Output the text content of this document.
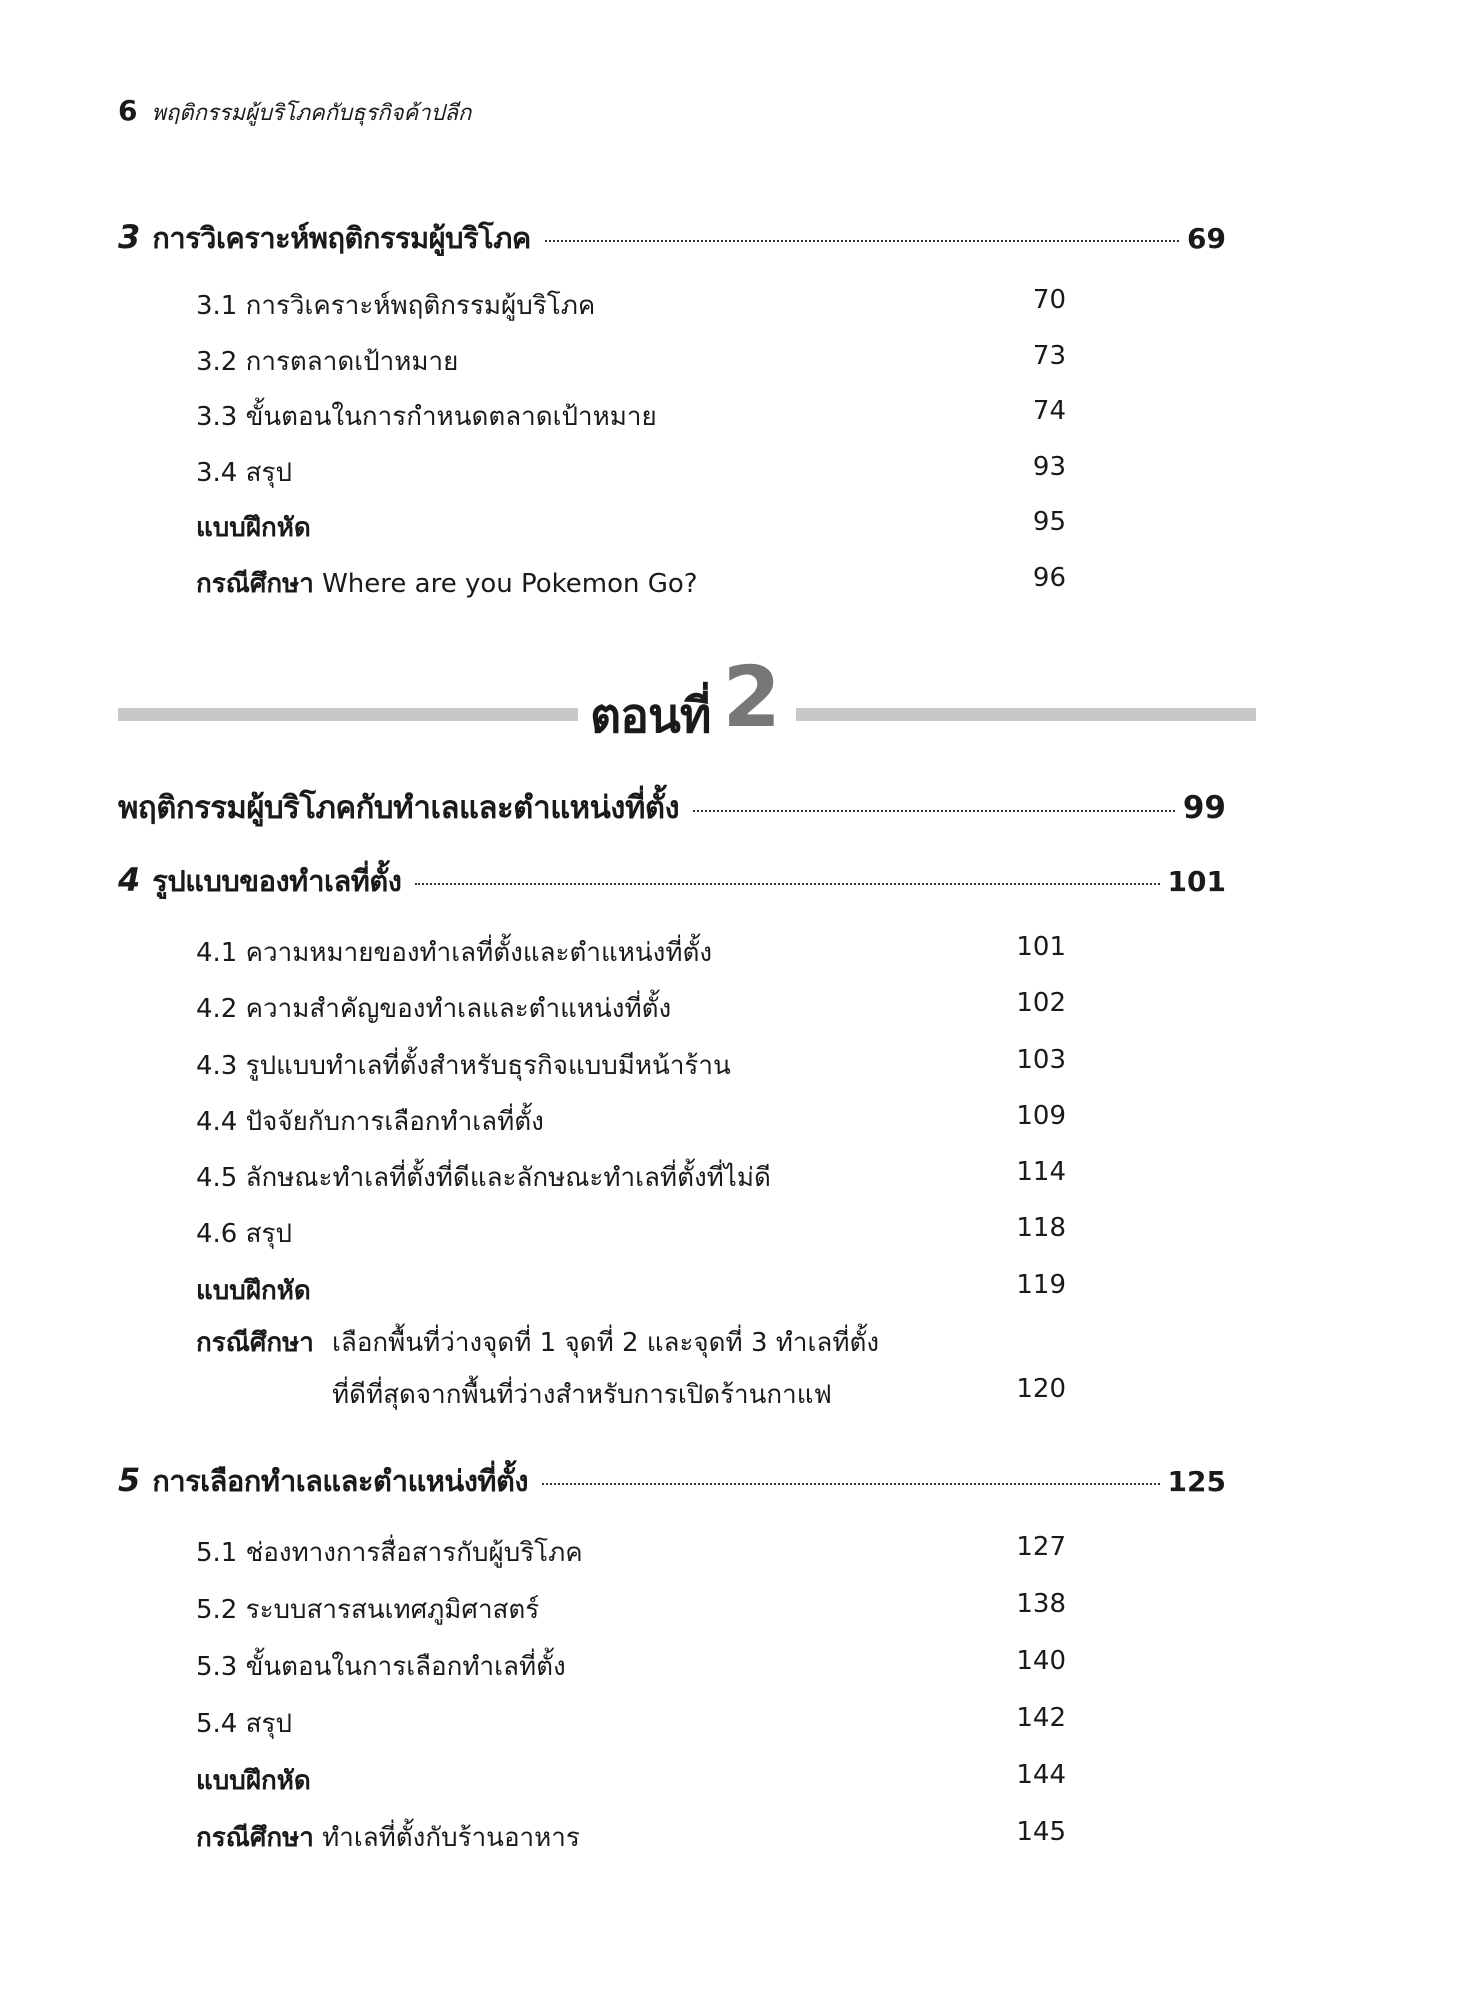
6 พฤติกรรมผู้บริโภคกับธุรกิจค้าปลีก
3 การวิเคราะห์พฤติกรรมผู้บริโภค	69
3.1 การวิเคราะห์พฤติกรรมผู้บริโภค	70
3.2 การตลาดเป้าหมาย	73
3.3 ขั้นตอนในการกำหนดตลาดเป้าหมาย	74
3.4 สรุป	93
แบบฝึกหัด	95
กรณีศึกษา Where are you Pokemon Go?	96
ตอนที่ 2
พฤติกรรมผู้บริโภคกับทำเลและตำแหน่งที่ตั้ง	99
4 รูปแบบของทำเลที่ตั้ง	101
4.1 ความหมายของทำเลที่ตั้งและตำแหน่งที่ตั้ง	101
4.2 ความสำคัญของทำเลและตำแหน่งที่ตั้ง	102
4.3 รูปแบบทำเลที่ตั้งสำหรับธุรกิจแบบมีหน้าร้าน	103
4.4 ปัจจัยกับการเลือกทำเลที่ตั้ง	109
4.5 ลักษณะทำเลที่ตั้งที่ดีและลักษณะทำเลที่ตั้งที่ไม่ดี	114
4.6 สรุป	118
แบบฝึกหัด	119
กรณีศึกษา เลือกพื้นที่ว่างจุดที่ 1 จุดที่ 2 และจุดที่ 3 ทำเลที่ตั้ง
ที่ดีที่สุดจากพื้นที่ว่างสำหรับการเปิดร้านกาแฟ	120
5 การเลือกทำเลและตำแหน่งที่ตั้ง	125
5.1 ช่องทางการสื่อสารกับผู้บริโภค	127
5.2 ระบบสารสนเทศภูมิศาสตร์	138
5.3 ขั้นตอนในการเลือกทำเลที่ตั้ง	140
5.4 สรุป	142
แบบฝึกหัด	144
กรณีศึกษา ทำเลที่ตั้งกับร้านอาหาร	145
